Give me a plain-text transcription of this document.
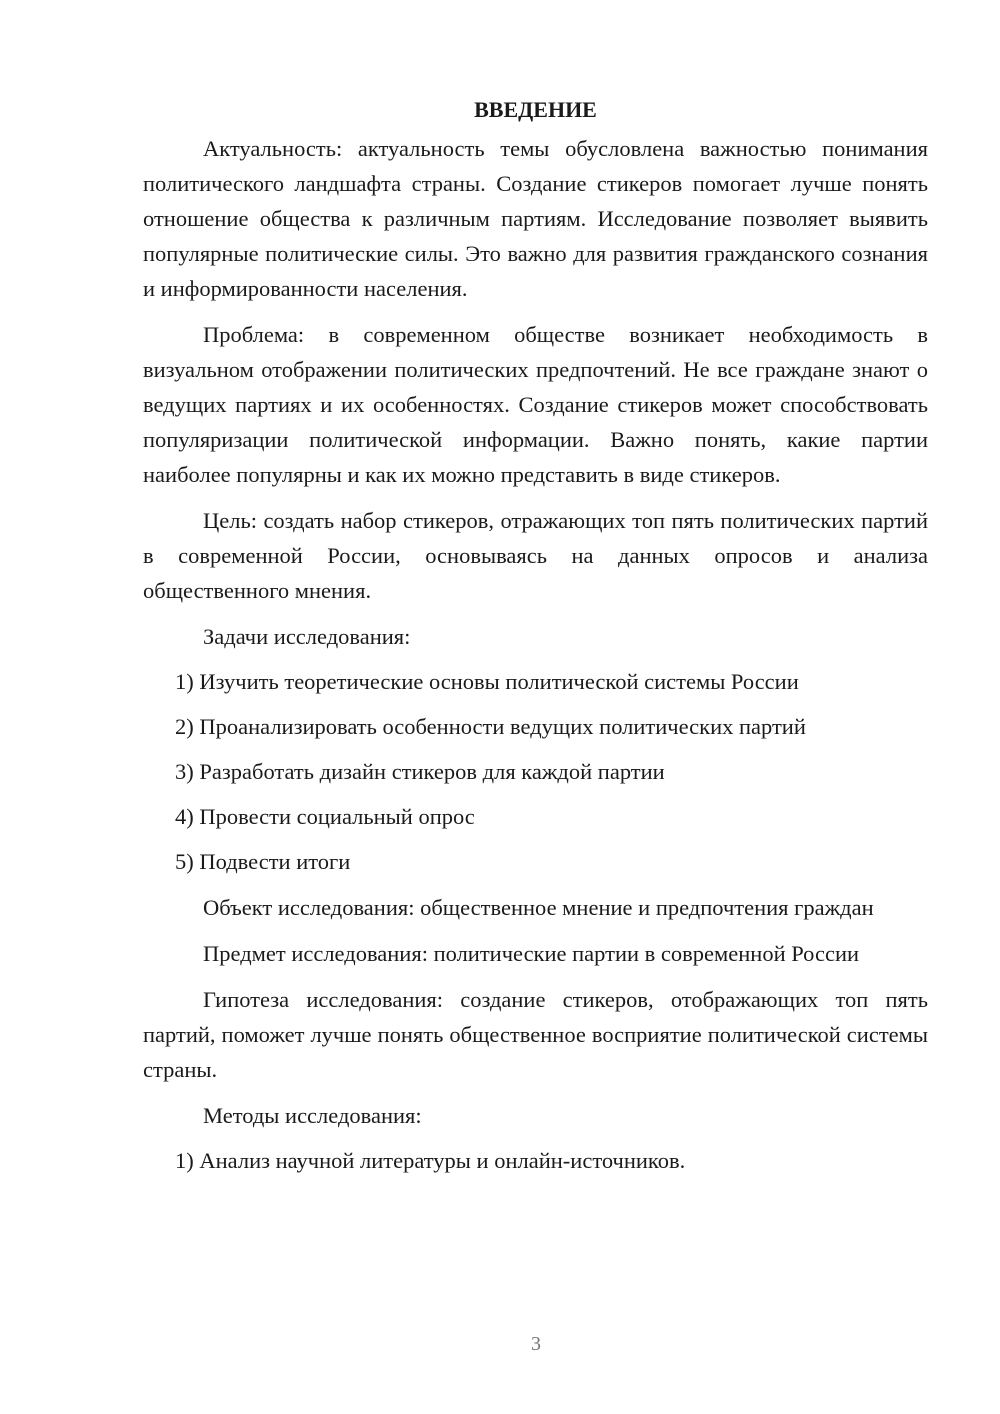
ВВЕДЕНИЕ

Актуальность: актуальность темы обусловлена важностью понимания политического ландшафта страны. Создание стикеров помогает лучше понять отношение общества к различным партиям. Исследование позволяет выявить популярные политические силы. Это важно для развития гражданского сознания и информированности населения.

Проблема: в современном обществе возникает необходимость в визуальном отображении политических предпочтений. Не все граждане знают о ведущих партиях и их особенностях. Создание стикеров может способствовать популяризации политической информации. Важно понять, какие партии наиболее популярны и как их можно представить в виде стикеров.

Цель: создать набор стикеров, отражающих топ пять политических партий в современной России, основываясь на данных опросов и анализа общественного мнения.

Задачи исследования:

1) Изучить теоретические основы политической системы России

2) Проанализировать особенности ведущих политических партий

3) Разработать дизайн стикеров для каждой партии

4) Провести социальный опрос

5) Подвести итоги

Объект исследования: общественное мнение и предпочтения граждан

Предмет исследования: политические партии в современной России

Гипотеза исследования: создание стикеров, отображающих топ пять партий, поможет лучше понять общественное восприятие политической системы страны.

Методы исследования:

1) Анализ научной литературы и онлайн-источников.

3
